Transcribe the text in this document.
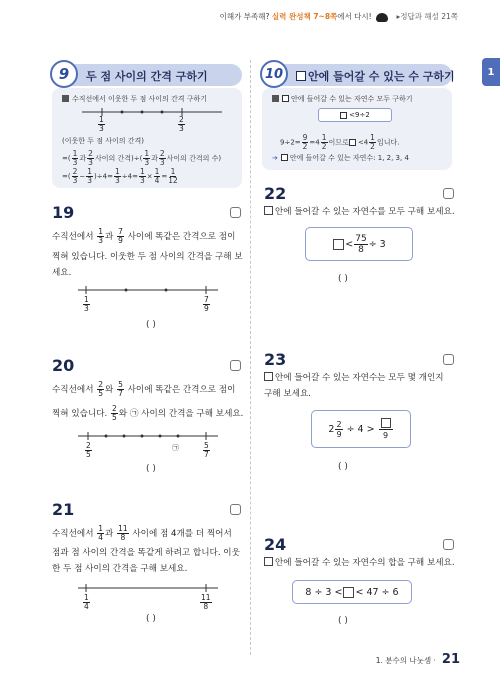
이해가 부족해? 실력 완성책 7~8쪽에서 다시!	▸정답과 해설 21쪽
1
9	두 점 사이의 간격 구하기
수직선에서 이웃한 두 점 사이의 간격 구하기
$\frac{1}{3}$	$\frac{2}{3}$
(이웃한 두 점 사이의 간격)
=( $\frac{1}{3}$ 과 $\frac{2}{3}$ 사이의 간격)÷( $\frac{1}{3}$ 과 $\frac{2}{3}$ 사이의 간격의 수)
=( $\frac{2}{3} - \frac{1}{3} )\div 4= \frac{1}{3} \div 4= \frac{1}{3} \times \frac{1}{4} = \frac{1}{12}$
10	안에 들어갈 수 있는 수 구하기
안에 들어갈 수 있는 자연수 모두 구하기
<9÷2
$9\div 2= \frac{9}{2} =4 \frac{1}{2}$ 이므로 $<4 \frac{1}{2}$ 입니다.
➔ 안에 들어갈 수 있는 자연수: 1, 2, 3, 4
19
수직선에서 $\frac{1}{3}$ 과 $\frac{7}{9}$ 사이에 똑같은 간격으로 점이
찍혀 있습니다. 이웃한 두 점 사이의 간격을 구해 보
세요.
$\frac{1}{3}$	$\frac{7}{9}$
( )
20
수직선에서 $\frac{2}{5}$ 와 $\frac{5}{7}$ 사이에 똑같은 간격으로 점이
찍혀 있습니다. $\frac{2}{5}$ 와 ㉠ 사이의 간격을 구해 보세요.
$\frac{2}{5}$	㉠	$\frac{5}{7}$
( )
21
수직선에서 $\frac{1}{4}$ 과 $\frac{11}{8}$ 사이에 점 4개를 더 찍어서
점과 점 사이의 간격을 똑같게 하려고 합니다. 이웃
한 두 점 사이의 간격을 구해 보세요.
$\frac{1}{4}$	$\frac{11}{8}$
( )
22
안에 들어갈 수 있는 자연수를 모두 구해 보세요.
< $\frac{75}{8} \div 3$
( )
23
안에 들어갈 수 있는 자연수는 모두 몇 개인지
구해 보세요.
$2 \frac{2}{9} \div 4$ >
9
( )
24
안에 들어갈 수 있는 자연수의 합을 구해 보세요.
8 ÷ 3 < < 47 ÷ 6
( )
1. 분수의 나눗셈 · 21
